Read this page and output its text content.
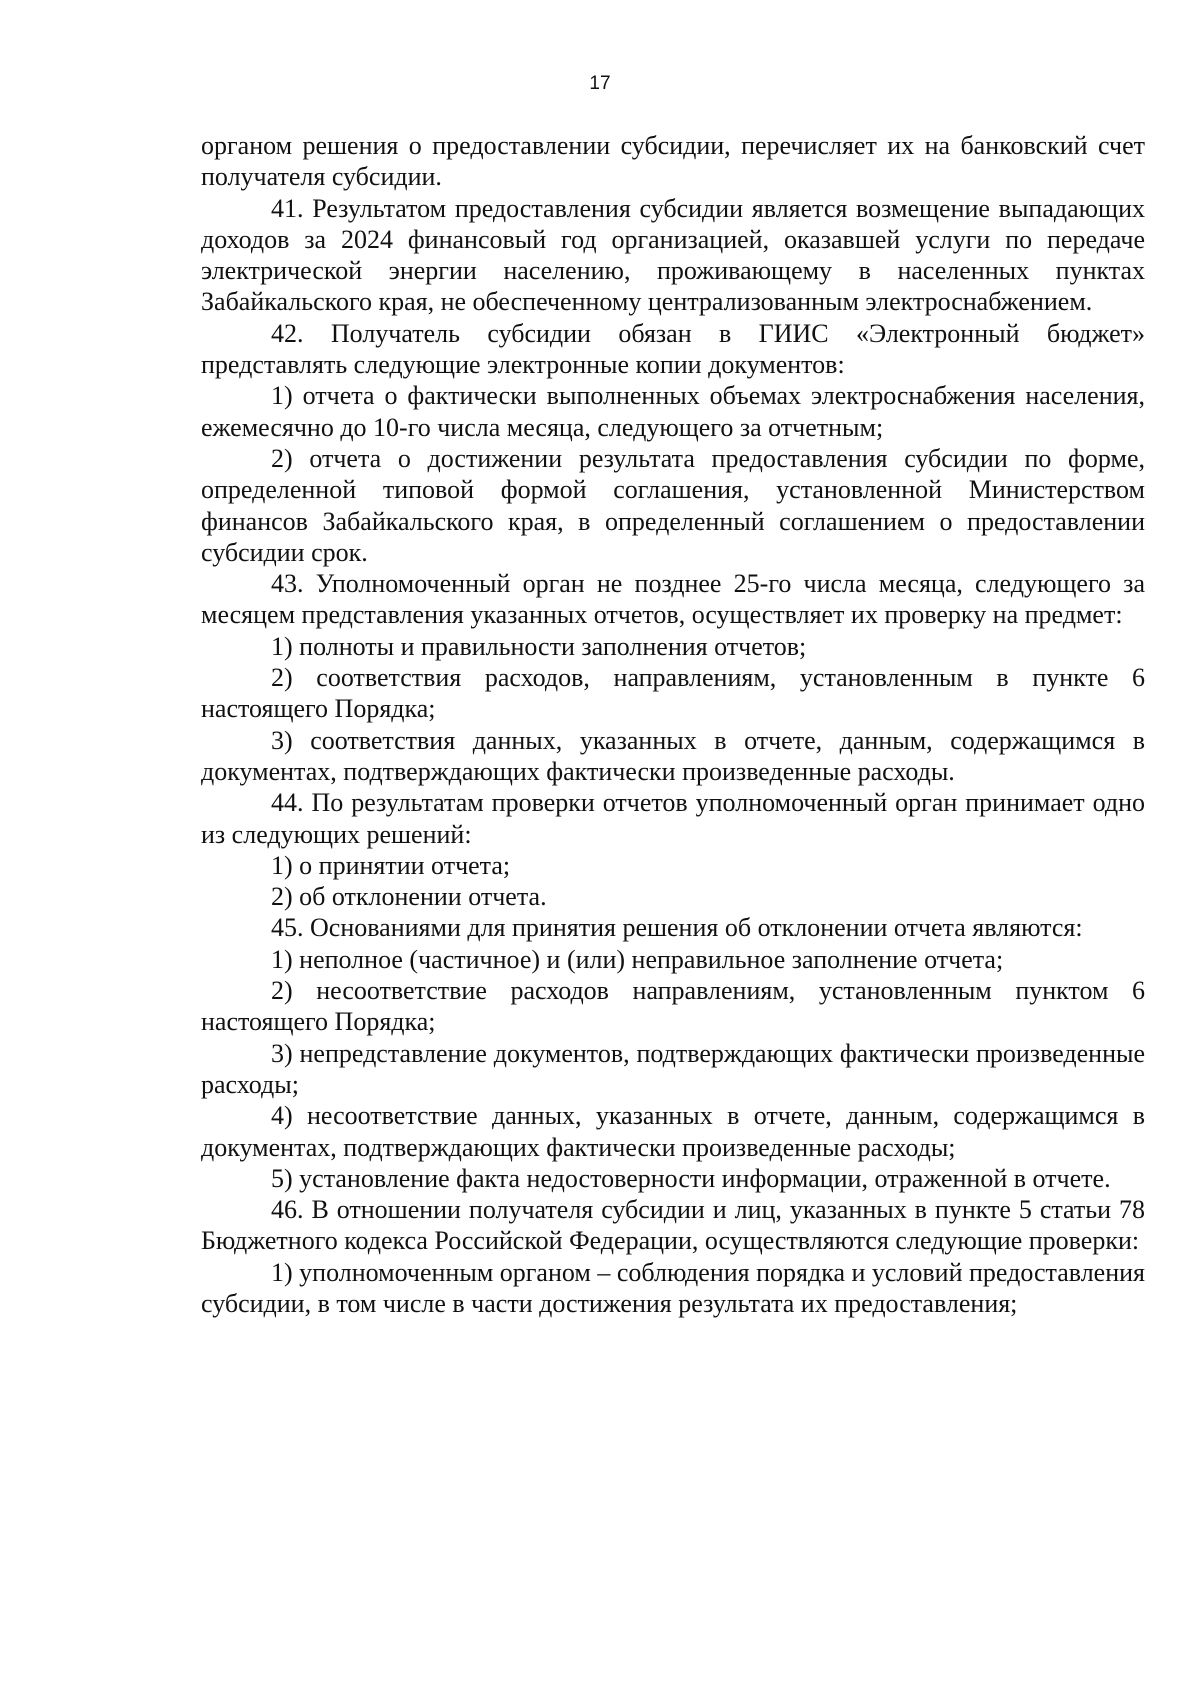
17

органом решения о предоставлении субсидии, перечисляет их на банковский счет получателя субсидии.

41. Результатом предоставления субсидии является возмещение выпадающих доходов за 2024 финансовый год организацией, оказавшей услуги по передаче электрической энергии населению, проживающему в населенных пунктах Забайкальского края, не обеспеченному централизованным электроснабжением.

42. Получатель субсидии обязан в ГИИС «Электронный бюджет» представлять следующие электронные копии документов:

1) отчета о фактически выполненных объемах электроснабжения населения, ежемесячно до 10-го числа месяца, следующего за отчетным;

2) отчета о достижении результата предоставления субсидии по форме, определенной типовой формой соглашения, установленной Министерством финансов Забайкальского края, в определенный соглашением о предоставлении субсидии срок.

43. Уполномоченный орган не позднее 25-го числа месяца, следующего за месяцем представления указанных отчетов, осуществляет их проверку на предмет:

1) полноты и правильности заполнения отчетов;

2) соответствия расходов, направлениям, установленным в пункте 6 настоящего Порядка;

3) соответствия данных, указанных в отчете, данным, содержащимся в документах, подтверждающих фактически произведенные расходы.

44. По результатам проверки отчетов уполномоченный орган принимает одно из следующих решений:

1) о принятии отчета;

2) об отклонении отчета.

45. Основаниями для принятия решения об отклонении отчета являются:

1) неполное (частичное) и (или) неправильное заполнение отчета;

2) несоответствие расходов направлениям, установленным пунктом 6 настоящего Порядка;

3) непредставление документов, подтверждающих фактически произведенные расходы;

4) несоответствие данных, указанных в отчете, данным, содержащимся в документах, подтверждающих фактически произведенные расходы;

5) установление факта недостоверности информации, отраженной в отчете.

46. В отношении получателя субсидии и лиц, указанных в пункте 5 статьи 78 Бюджетного кодекса Российской Федерации, осуществляются следующие проверки:

1) уполномоченным органом – соблюдения порядка и условий предоставления субсидии, в том числе в части достижения результата их предоставления;
